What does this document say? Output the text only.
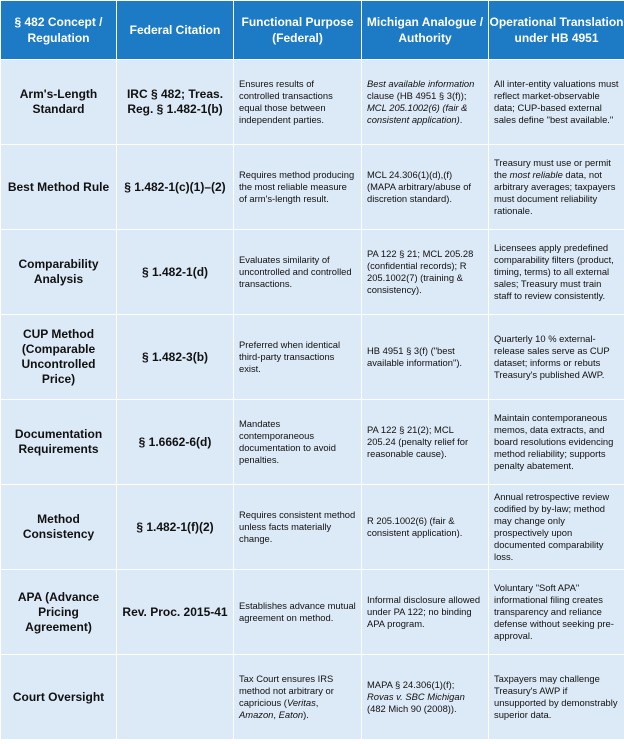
§ 482 Concept / Regulation	Federal Citation	Functional Purpose (Federal)	Michigan Analogue / Authority	Operational Translation under HB 4951
Arm's-Length Standard	IRC § 482; Treas. Reg. § 1.482-1(b)	Ensures results of controlled transactions equal those between independent parties.	Best available information clause (HB 4951 § 3(f)); MCL 205.1002(6) (fair & consistent application).	All inter-entity valuations must reflect market-observable data; CUP-based external sales define "best available."
Best Method Rule	§ 1.482-1(c)(1)–(2)	Requires method producing the most reliable measure of arm's-length result.	MCL 24.306(1)(d),(f) (MAPA arbitrary/abuse of discretion standard).	Treasury must use or permit the most reliable data, not arbitrary averages; taxpayers must document reliability rationale.
Comparability Analysis	§ 1.482-1(d)	Evaluates similarity of uncontrolled and controlled transactions.	PA 122 § 21; MCL 205.28 (confidential records); R 205.1002(7) (training & consistency).	Licensees apply predefined comparability filters (product, timing, terms) to all external sales; Treasury must train staff to review consistently.
CUP Method (Comparable Uncontrolled Price)	§ 1.482-3(b)	Preferred when identical third-party transactions exist.	HB 4951 § 3(f) ("best available information").	Quarterly 10 % external-release sales serve as CUP dataset; informs or rebuts Treasury's published AWP.
Documentation Requirements	§ 1.6662-6(d)	Mandates contemporaneous documentation to avoid penalties.	PA 122 § 21(2); MCL 205.24 (penalty relief for reasonable cause).	Maintain contemporaneous memos, data extracts, and board resolutions evidencing method reliability; supports penalty abatement.
Method Consistency	§ 1.482-1(f)(2)	Requires consistent method unless facts materially change.	R 205.1002(6) (fair & consistent application).	Annual retrospective review codified by by-law; method may change only prospectively upon documented comparability loss.
APA (Advance Pricing Agreement)	Rev. Proc. 2015-41	Establishes advance mutual agreement on method.	Informal disclosure allowed under PA 122; no binding APA program.	Voluntary "Soft APA" informational filing creates transparency and reliance defense without seeking pre-approval.
Court Oversight		Tax Court ensures IRS method not arbitrary or capricious (Veritas, Amazon, Eaton).	MAPA § 24.306(1)(f); Rovas v. SBC Michigan (482 Mich 90 (2008)).	Taxpayers may challenge Treasury's AWP if unsupported by demonstrably superior data.
